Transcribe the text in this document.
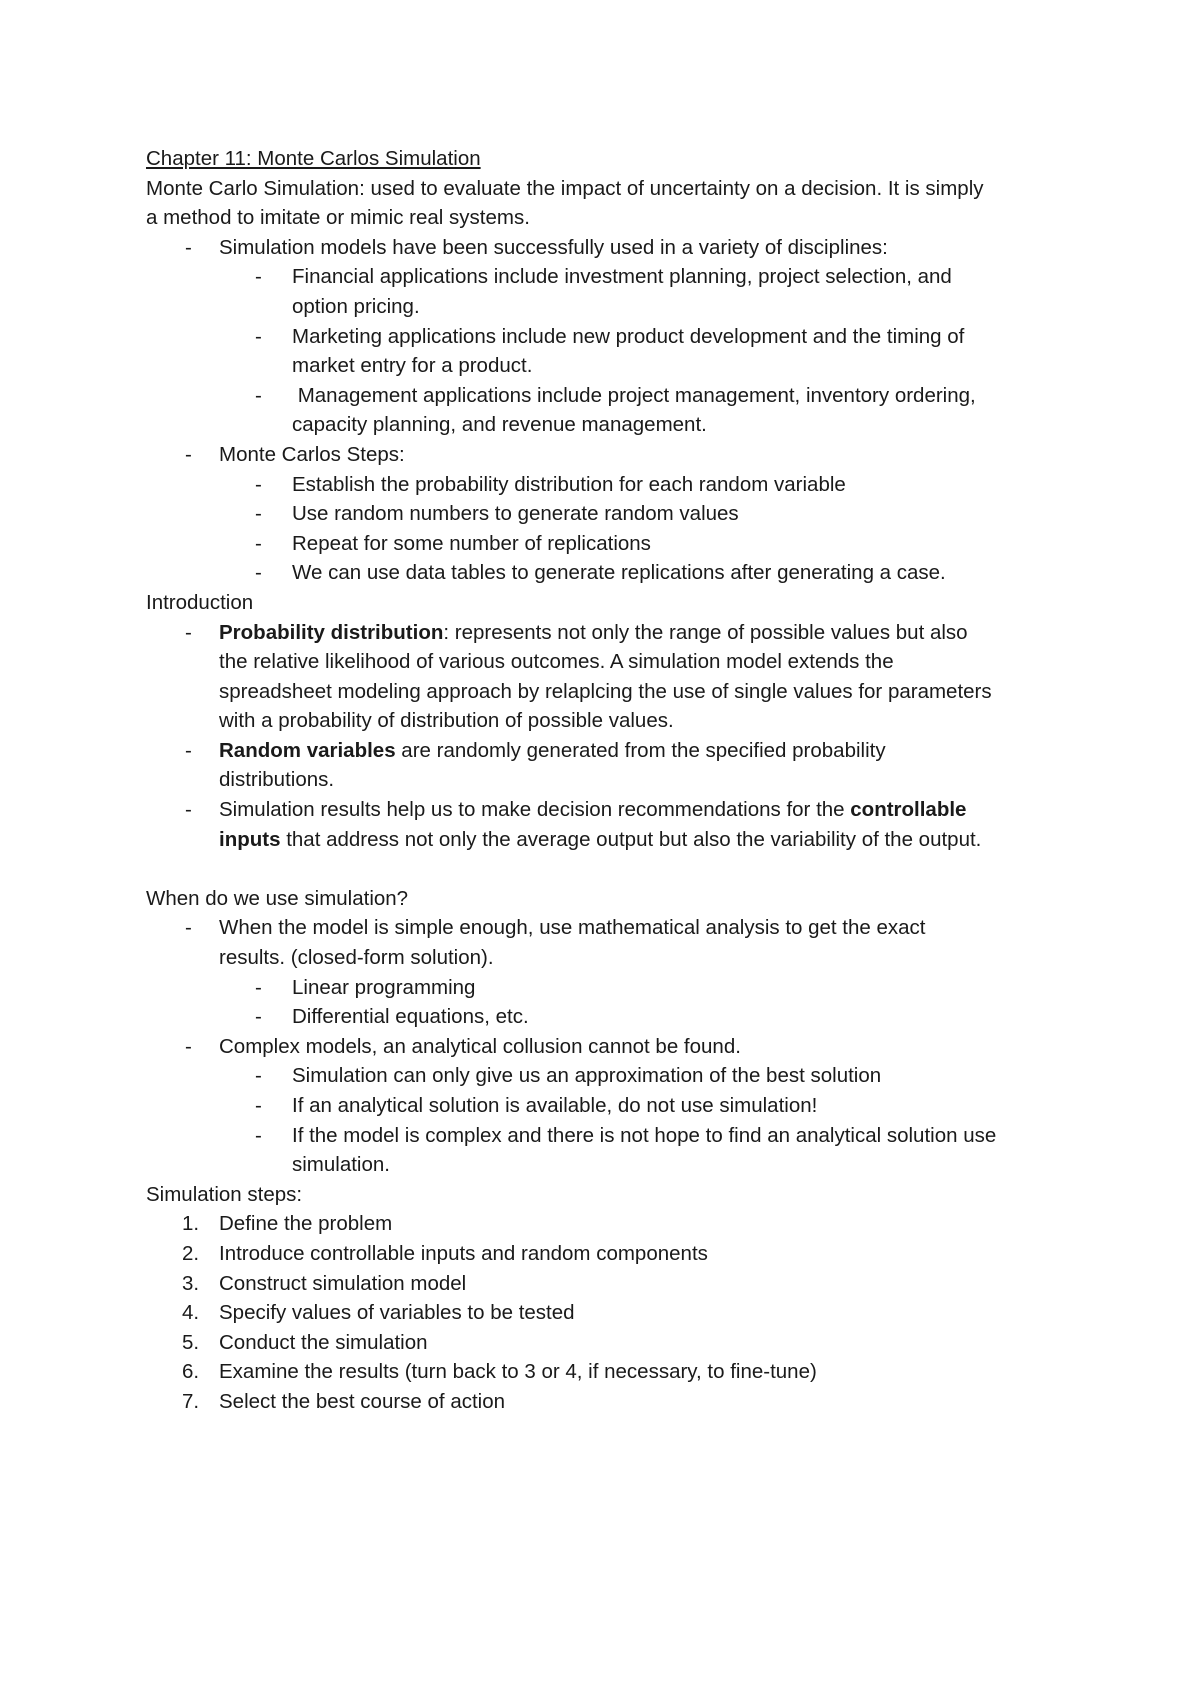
Chapter 11: Monte Carlos Simulation
Monte Carlo Simulation: used to evaluate the impact of uncertainty on a decision. It is simply
a method to imitate or mimic real systems.
- Simulation models have been successfully used in a variety of disciplines:
- Financial applications include investment planning, project selection, and
option pricing.
- Marketing applications include new product development and the timing of
market entry for a product.
- Management applications include project management, inventory ordering,
capacity planning, and revenue management.
- Monte Carlos Steps:
- Establish the probability distribution for each random variable
- Use random numbers to generate random values
- Repeat for some number of replications
- We can use data tables to generate replications after generating a case.
Introduction
- Probability distribution: represents not only the range of possible values but also
the relative likelihood of various outcomes. A simulation model extends the
spreadsheet modeling approach by relaplcing the use of single values for parameters
with a probability of distribution of possible values.
- Random variables are randomly generated from the specified probability
distributions.
- Simulation results help us to make decision recommendations for the controllable
inputs that address not only the average output but also the variability of the output.
When do we use simulation?
- When the model is simple enough, use mathematical analysis to get the exact
results. (closed-form solution).
- Linear programming
- Differential equations, etc.
- Complex models, an analytical collusion cannot be found.
- Simulation can only give us an approximation of the best solution
- If an analytical solution is available, do not use simulation!
- If the model is complex and there is not hope to find an analytical solution use
simulation.
Simulation steps:
1. Define the problem
2. Introduce controllable inputs and random components
3. Construct simulation model
4. Specify values of variables to be tested
5. Conduct the simulation
6. Examine the results (turn back to 3 or 4, if necessary, to fine-tune)
7. Select the best course of action
